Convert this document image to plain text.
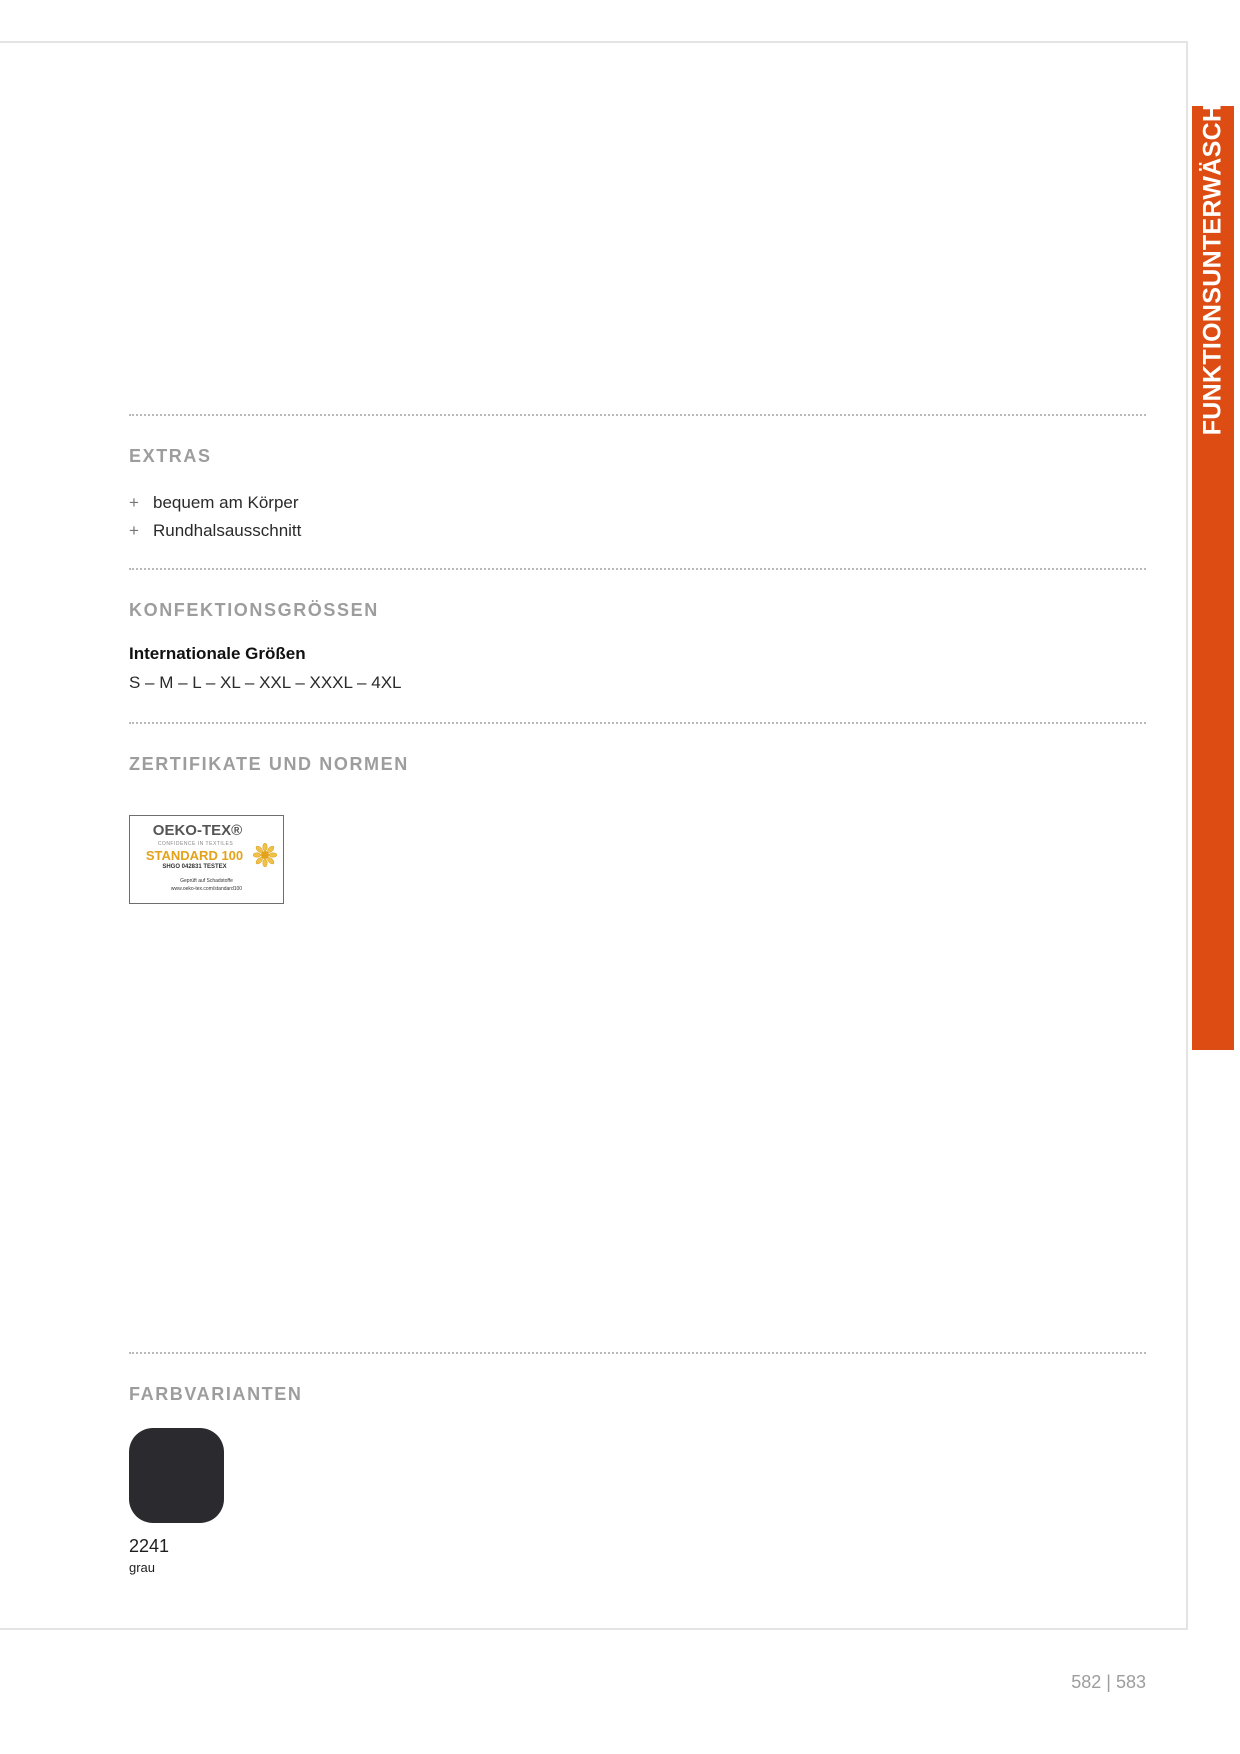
FUNKTIONSUNTERWÄSCHE
EXTRAS
+ bequem am Körper
+ Rundhalsausschnitt
KONFEKTIONSGRÖSSEN
Internationale Größen
S – M – L – XL – XXL – XXXL – 4XL
ZERTIFIKATE UND NORMEN
OEKO-TEX®
CONFIDENCE IN TEXTILES
STANDARD 100
SHGO 042831 TESTEX
Geprüft auf Schadstoffe
www.oeko-tex.com/standard100
FARBVARIANTEN
2241
grau
582 | 583
